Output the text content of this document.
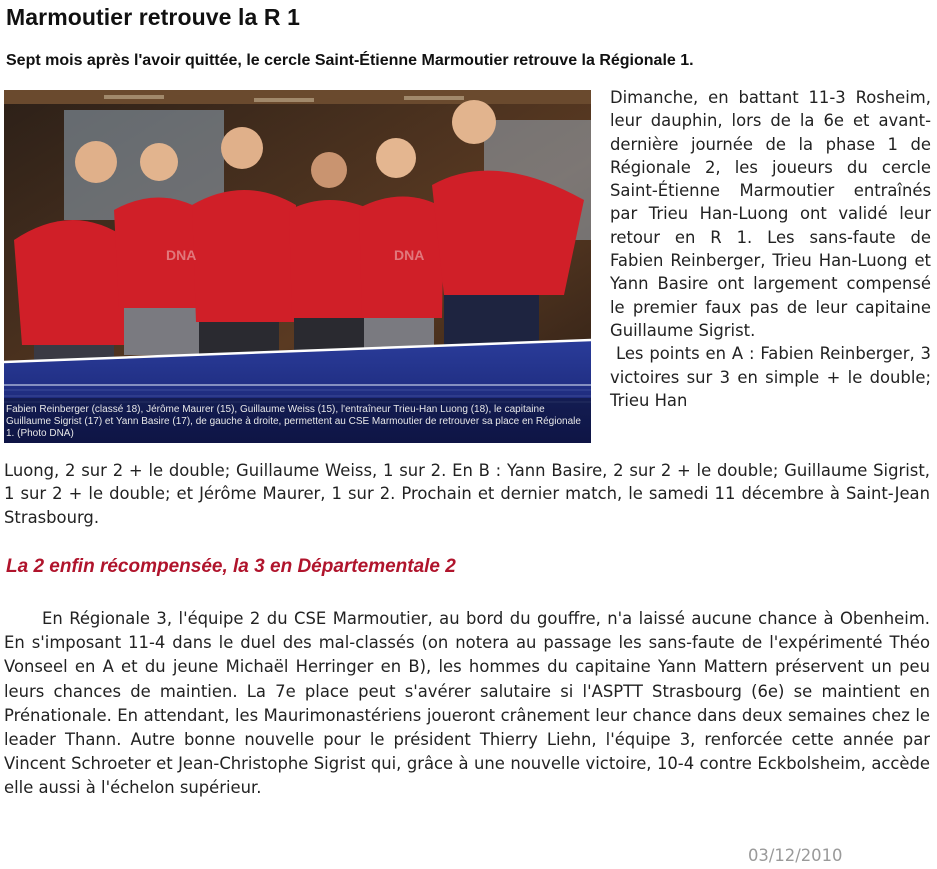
Marmoutier retrouve la R 1

Sept mois après l'avoir quittée, le cercle Saint-Étienne Marmoutier retrouve la Régionale 1.

DNA	DNA
Fabien Reinberger (classé 18), Jérôme Maurer (15), Guillaume Weiss (15), l'entraîneur Trieu-Han Luong (18), le capitaine Guillaume Sigrist (17) et Yann Basire (17), de gauche à droite, permettent au CSE Marmoutier de retrouver sa place en Régionale 1. (Photo DNA)

Dimanche, en battant 11-3 Rosheim, leur dauphin, lors de la 6e et avant-dernière journée de la phase 1 de Régionale 2, les joueurs du cercle Saint-Étienne Marmoutier entraînés par Trieu Han-Luong ont validé leur retour en R 1. Les sans-faute de Fabien Reinberger, Trieu Han-Luong et Yann Basire ont largement compensé le premier faux pas de leur capitaine Guillaume Sigrist.
Les points en A : Fabien Reinberger, 3 victoires sur 3 en simple + le double; Trieu Han

Luong, 2 sur 2 + le double; Guillaume Weiss, 1 sur 2. En B : Yann Basire, 2 sur 2 + le double; Guillaume Sigrist, 1 sur 2 + le double; et Jérôme Maurer, 1 sur 2. Prochain et dernier match, le samedi 11 décembre à Saint-Jean Strasbourg.

La 2 enfin récompensée, la 3 en Départementale 2

En Régionale 3, l'équipe 2 du CSE Marmoutier, au bord du gouffre, n'a laissé aucune chance à Obenheim. En s'imposant 11-4 dans le duel des mal-classés (on notera au passage les sans-faute de l'expérimenté Théo Vonseel en A et du jeune Michaël Herringer en B), les hommes du capitaine Yann Mattern préservent un peu leurs chances de maintien. La 7e place peut s'avérer salutaire si l'ASPTT Strasbourg (6e) se maintient en Prénationale. En attendant, les Maurimonastériens joueront crânement leur chance dans deux semaines chez le leader Thann. Autre bonne nouvelle pour le président Thierry Liehn, l'équipe 3, renforcée cette année par Vincent Schroeter et Jean-Christophe Sigrist qui, grâce à une nouvelle victoire, 10-4 contre Eckbolsheim, accède elle aussi à l'échelon supérieur.

03/12/2010
